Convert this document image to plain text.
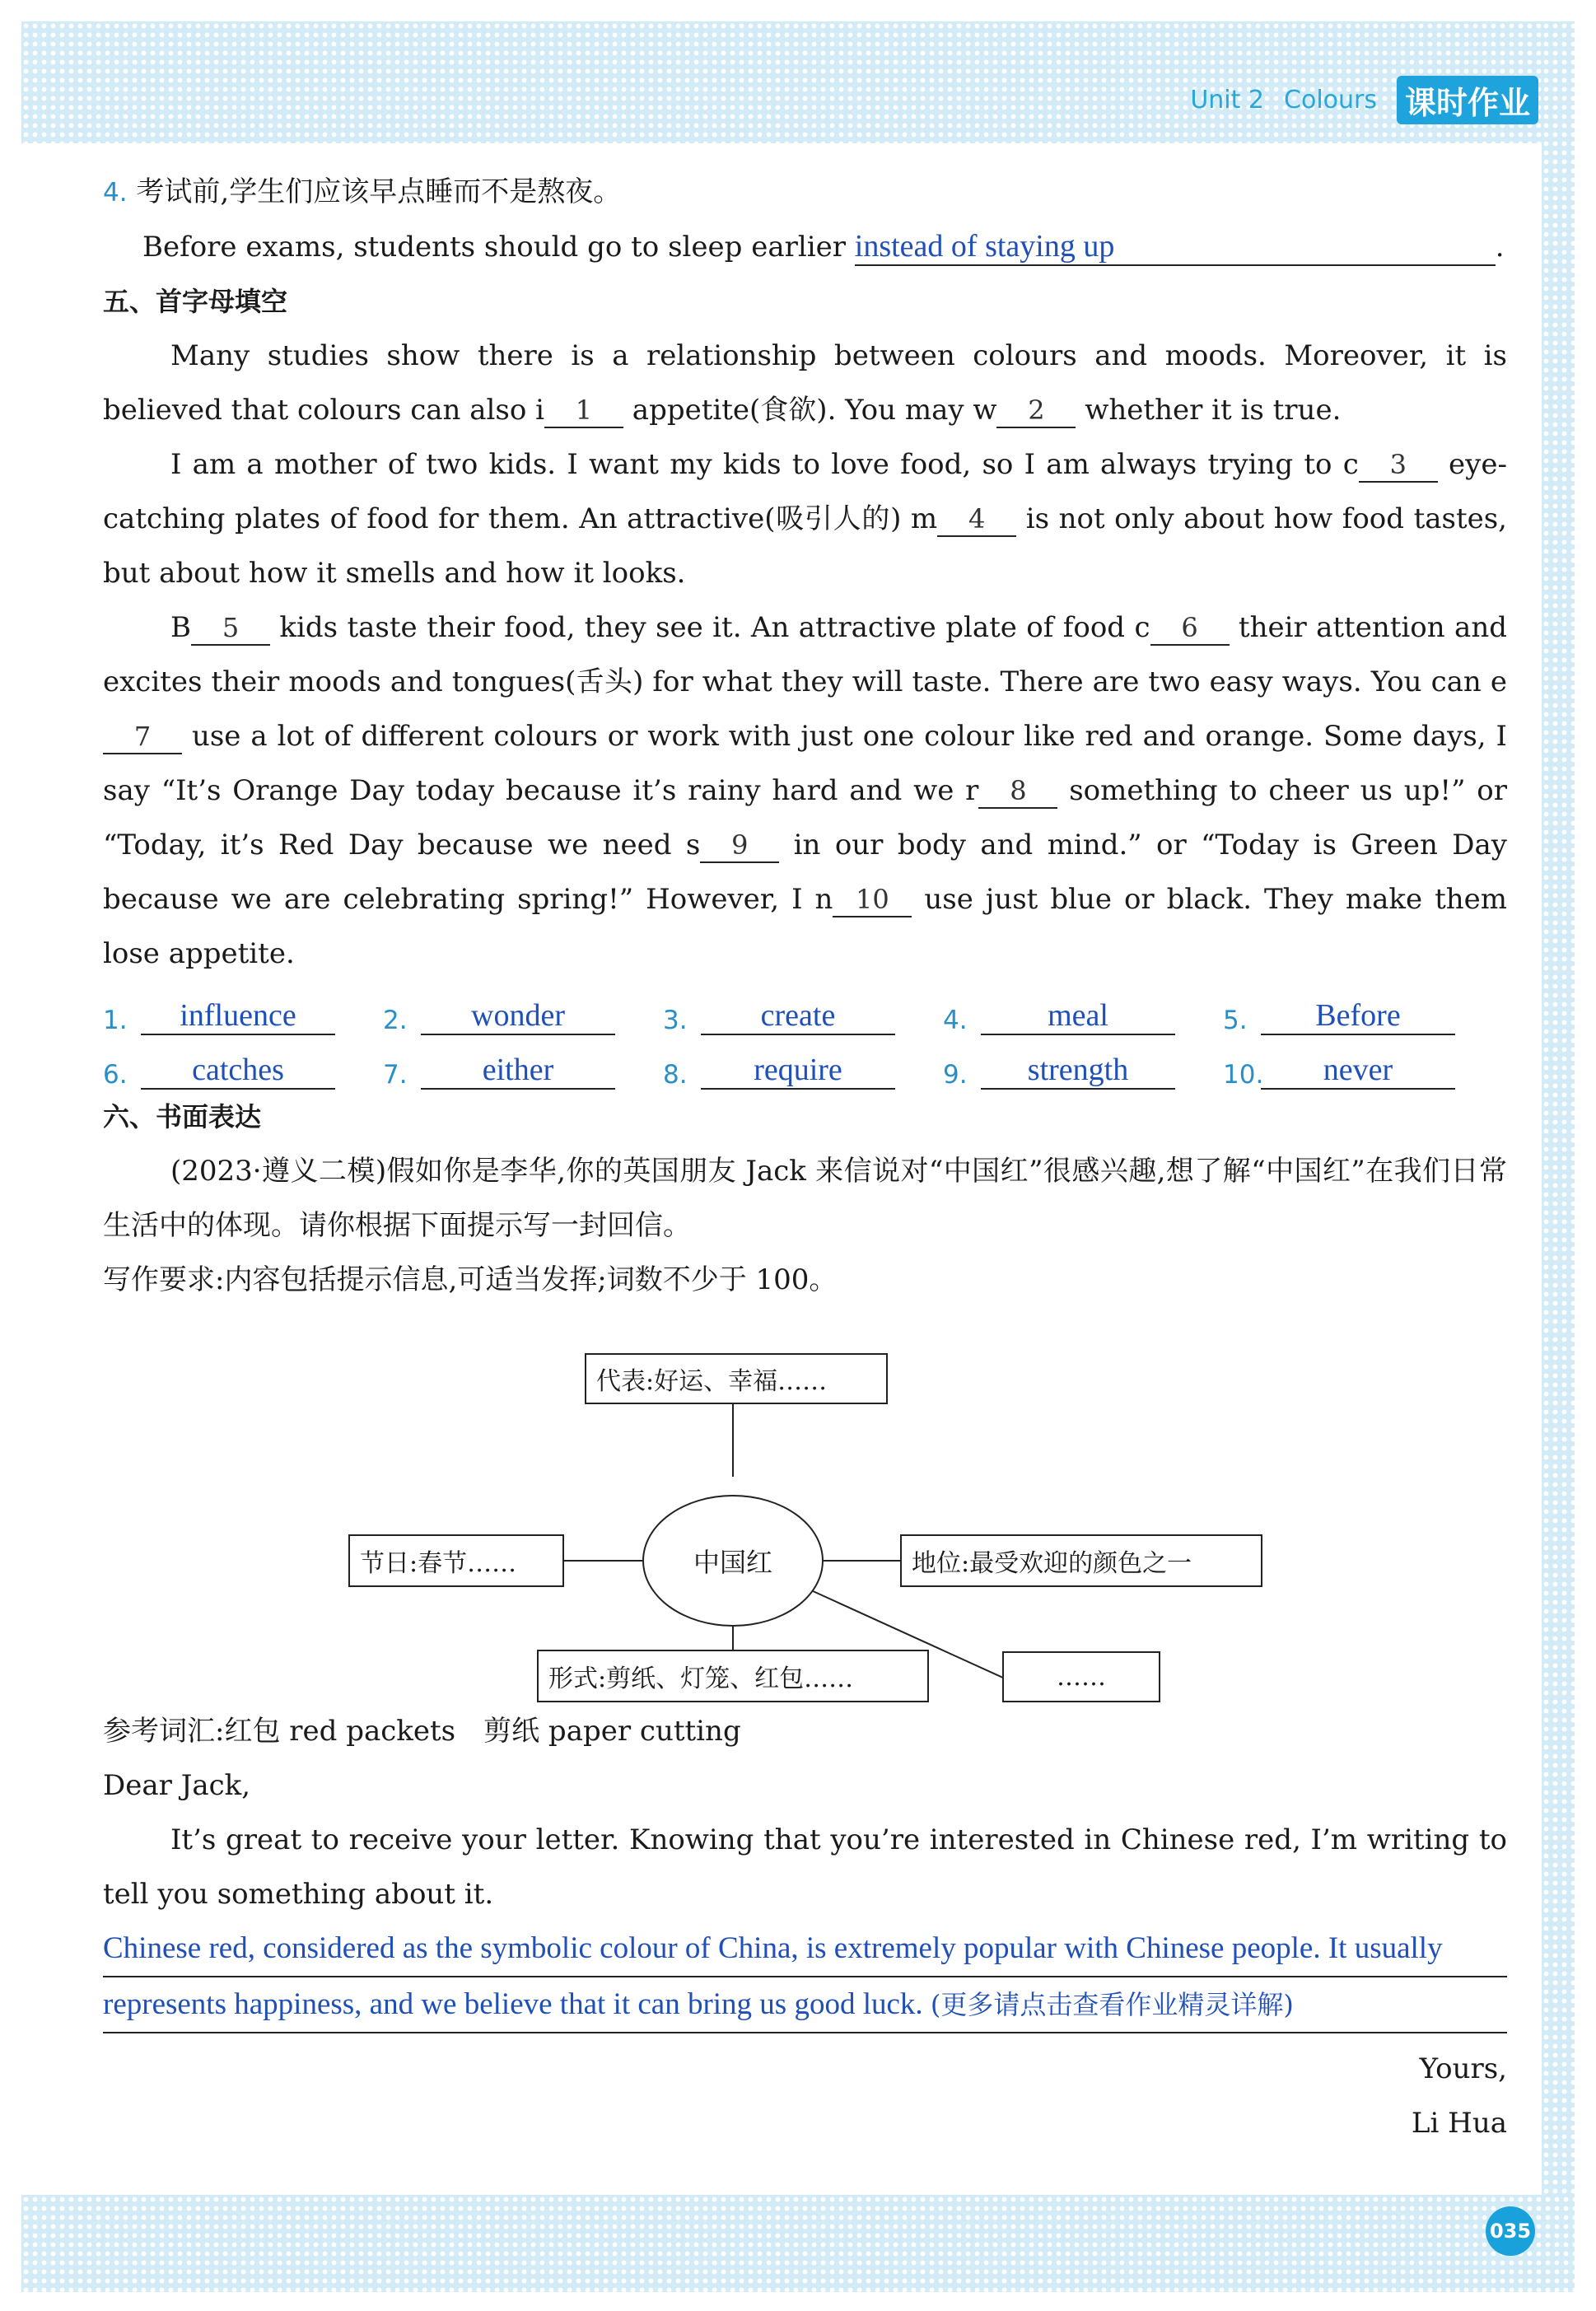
Unit 2 Colours 课时作业

4. 考试前,学生们应该早点睡而不是熬夜。

Before exams, students should go to sleep earlier instead of staying up	.

五、首字母填空

Many studies show there is a relationship between colours and moods. Moreover, it is believed that colours can also i 1 appetite(食欲). You may w 2 whether it is true.

I am a mother of two kids. I want my kids to love food, so I am always trying to c 3 eye-catching plates of food for them. An attractive(吸引人的) m 4 is not only about how food tastes, but about how it smells and how it looks.

B 5 kids taste their food, they see it. An attractive plate of food c 6 their attention and excites their moods and tongues(舌头) for what they will taste. There are two easy ways. You can e7 use a lot of different colours or work with just one colour like red and orange. Some days, I say “It’s Orange Day today because it’s rainy hard and we r 8 something to cheer us up!” or “Today, it’s Red Day because we need s 9 in our body and mind.” or “Today is Green Day because we are celebrating spring!” However, I n 10 use just blue or black. They make them lose appetite.

1.	influence	2.	wonder	3.	create	4.	meal	5.	Before
6.	catches	7.	either	8.	require	9.	strength	10.	never

六、书面表达

(2023·遵义二模)假如你是李华,你的英国朋友 Jack 来信说对“中国红”很感兴趣,想了解“中国红”在我们日常生活中的体现。请你根据下面提示写一封回信。

写作要求:内容包括提示信息,可适当发挥;词数不少于 100。

代表:好运、幸福……
节日:春节……	中国红	地位:最受欢迎的颜色之一
形式:剪纸、灯笼、红包……	……

参考词汇:红包 red packets　剪纸 paper cutting

Dear Jack,

It’s great to receive your letter. Knowing that you’re interested in Chinese red, I’m writing to tell you something about it.

Chinese red, considered as the symbolic colour of China, is extremely popular with Chinese people. It usually

represents happiness, and we believe that it can bring us good luck. (更多请点击查看作业精灵详解)

Yours,

Li Hua

035
